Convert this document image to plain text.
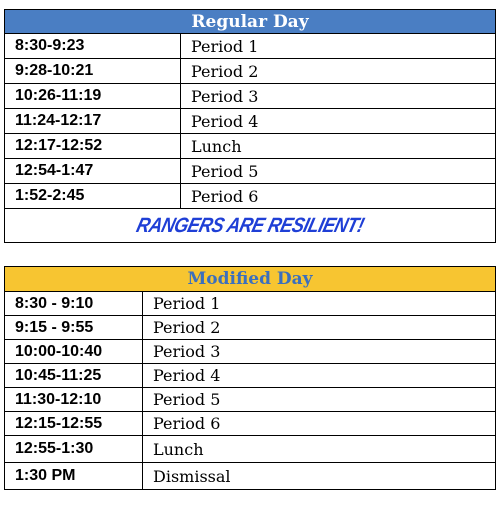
Regular Day	
8:30-9:23	Period 1
9:28-10:21	Period 2
10:26-11:19	Period 3
11:24-12:17	Period 4
12:17-12:52	Lunch
12:54-1:47	Period 5
1:52-2:45	Period 6
RANGERS ARE RESILIENT!	
Modified Day	
8:30 - 9:10	Period 1
9:15 - 9:55	Period 2
10:00-10:40	Period 3
10:45-11:25	Period 4
11:30-12:10	Period 5
12:15-12:55	Period 6
12:55-1:30	Lunch
1:30 PM	Dismissal
